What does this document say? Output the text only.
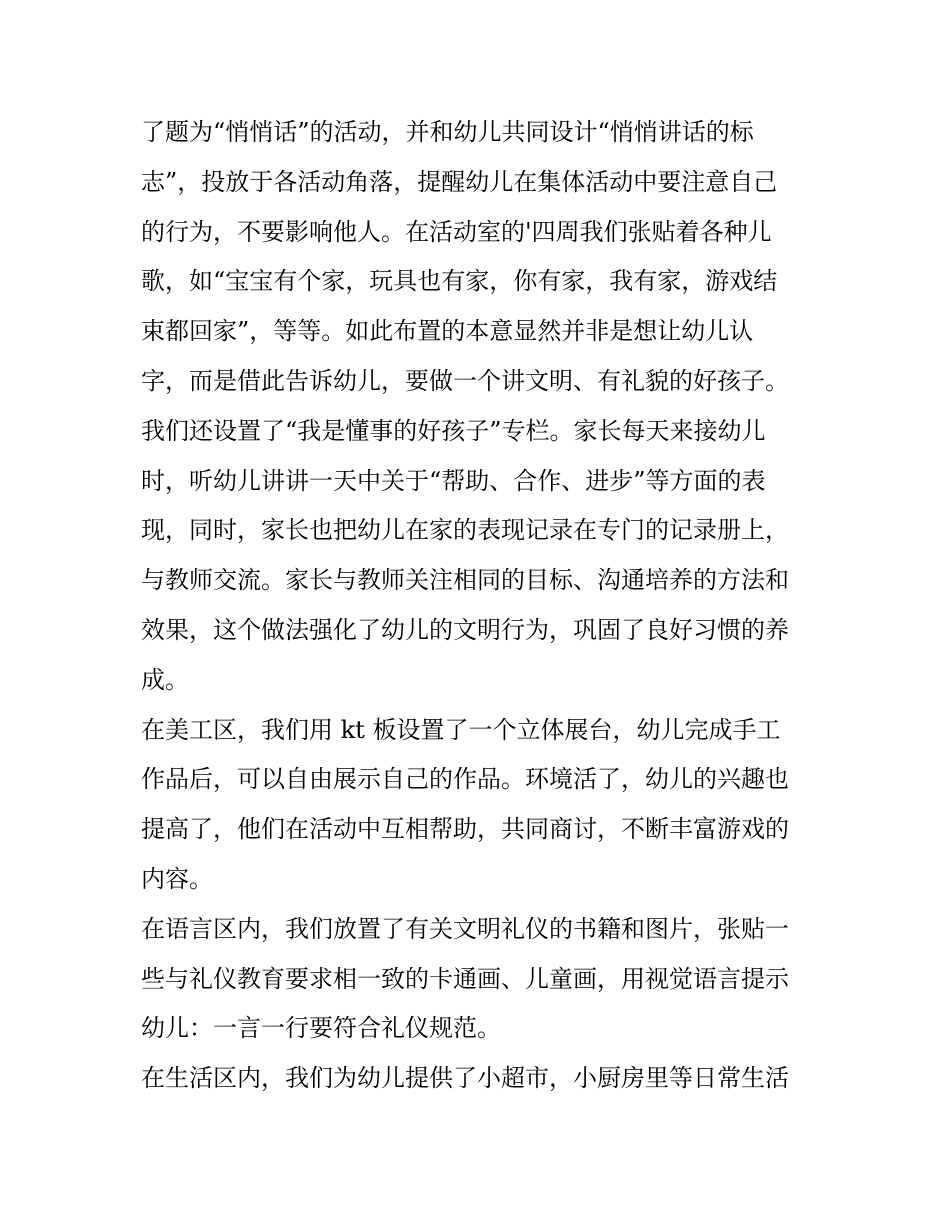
了题为“悄悄话”的活动，并和幼儿共同设计“悄悄讲话的标
志”，投放于各活动角落，提醒幼儿在集体活动中要注意自己
的行为，不要影响他人。在活动室的'四周我们张贴着各种儿
歌，如“宝宝有个家，玩具也有家，你有家，我有家，游戏结
束都回家”，等等。如此布置的本意显然并非是想让幼儿认
字，而是借此告诉幼儿，要做一个讲文明、有礼貌的好孩子。
我们还设置了“我是懂事的好孩子”专栏。家长每天来接幼儿
时，听幼儿讲讲一天中关于“帮助、合作、进步”等方面的表
现，同时，家长也把幼儿在家的表现记录在专门的记录册上，
与教师交流。家长与教师关注相同的目标、沟通培养的方法和
效果，这个做法强化了幼儿的文明行为，巩固了良好习惯的养
成。
在美工区，我们用 kt 板设置了一个立体展台，幼儿完成手工
作品后，可以自由展示自己的作品。环境活了，幼儿的兴趣也
提高了，他们在活动中互相帮助，共同商讨，不断丰富游戏的
内容。
在语言区内，我们放置了有关文明礼仪的书籍和图片，张贴一
些与礼仪教育要求相一致的卡通画、儿童画，用视觉语言提示
幼儿：一言一行要符合礼仪规范。
在生活区内，我们为幼儿提供了小超市，小厨房里等日常生活
